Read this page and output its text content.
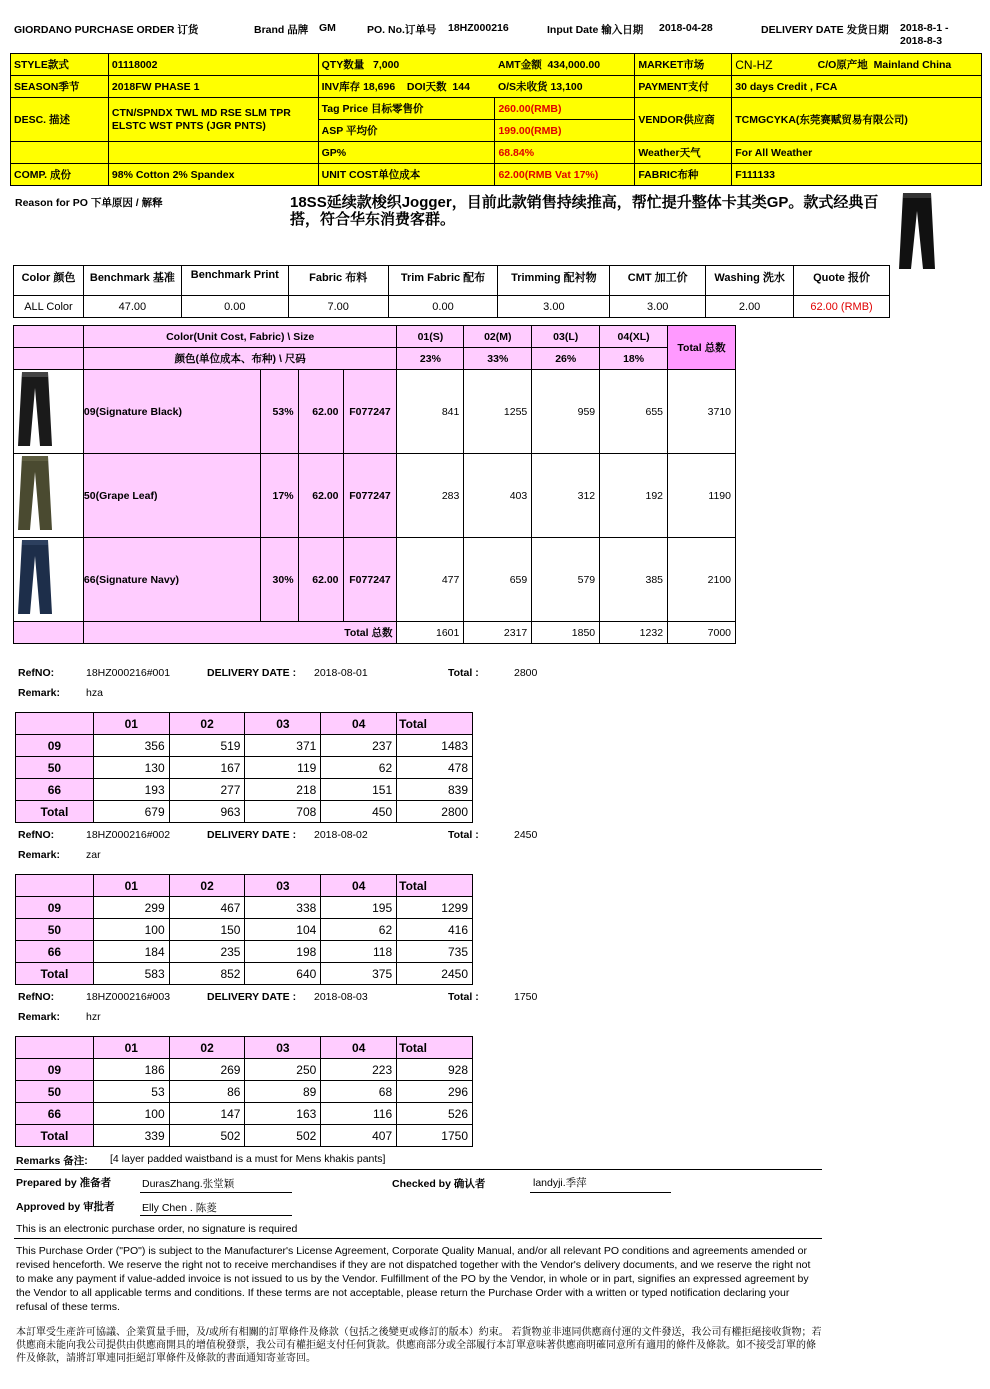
GIORDANO PURCHASE ORDER 订货	Brand 品牌 GM	PO. No.订单号 18HZ000216	Input Date 输入日期 2018-04-28	DELIVERY DATE 发货日期 2018-8-1 -
2018-8-3
STYLE款式	01118002	QTY数量 7,000	AMT金额 434,000.00	MARKET市场	CN-HZ	C/O原产地 Mainland China
SEASON季节	2018FW PHASE 1	INV库存 18,696 DOI天数 144	O/S未收货 13,100	PAYMENT支付	30 days Credit , FCA	
DESC. 描述	CTN/SPNDX TWL MD RSE SLM TPR ELSTC WST PNTS (JGR PNTS)	Tag Price 目标零售价	260.00(RMB)	VENDOR供应商	TCMGCYKA(东莞赛赋贸易有限公司)	
		ASP 平均价	199.00(RMB)			
		GP%	68.84%	Weather天气	For All Weather	
COMP. 成份	98% Cotton 2% Spandex	UNIT COST单位成本	62.00(RMB Vat 17%)	FABRIC布种	F111133	
Reason for PO 下单原因 / 解释	18SS延续款梭织Jogger，目前此款销售持续推高，帮忙提升整体卡其类GP。款式经典百搭，符合华东消费客群。
Color 颜色	Benchmark 基准	Benchmark Print	Fabric 布料	Trim Fabric 配布	Trimming 配衬物	CMT 加工价	Washing 洗水	Quote 报价
ALL Color	47.00	0.00	7.00	0.00	3.00	3.00	2.00	62.00 (RMB)
	Color(Unit Cost, Fabric) \ Size				01(S)	02(M)	03(L)	04(XL)	Total 总数
	颜色(单位成本、布种) \ 尺码				23%	33%	26%	18%	
	09(Signature Black)	53%	62.00	F077247	841	1255	959	655	3710
	50(Grape Leaf)	17%	62.00	F077247	283	403	312	192	1190
	66(Signature Navy)	30%	62.00	F077247	477	659	579	385	2100
	Total 总数				1601	2317	1850	1232	7000
RefNO:	18HZ000216#001	DELIVERY DATE : 2018-08-01	Total :	2800
Remark: hza
	01	02	03	04	Total
09	356	519	371	237	1483
50	130	167	119	62	478
66	193	277	218	151	839
Total	679	963	708	450	2800
RefNO:	18HZ000216#002	DELIVERY DATE : 2018-08-02	Total :	2450
Remark: zar
	01	02	03	04	Total
09	299	467	338	195	1299
50	100	150	104	62	416
66	184	235	198	118	735
Total	583	852	640	375	2450
RefNO:	18HZ000216#003	DELIVERY DATE : 2018-08-03	Total :	1750
Remark: hzr
	01	02	03	04	Total
09	186	269	250	223	928
50	53	86	89	68	296
66	100	147	163	116	526
Total	339	502	502	407	1750
Remarks 备注: [4 layer padded waistband is a must for Mens khakis pants]
Prepared by 准备者	DurasZhang.张堂颖	Checked by 确认者	landyji.季萍
Approved by 审批者	Elly Chen . 陈菱
This is an electronic purchase order, no signature is required
This Purchase Order ("PO") is subject to the Manufacturer's License Agreement, Corporate Quality Manual, and/or all relevant PO conditions and agreements amended or revised henceforth. We reserve the right not to receive merchandises if they are not dispatched together with the Vendor's delivery documents, and we reserve the right not to make any payment if value-added invoice is not issued to us by the Vendor. Fulfillment of the PO by the Vendor, in whole or in part, signifies an expressed agreement by the Vendor to all applicable terms and conditions. If these terms are not acceptable, please return the Purchase Order with a written or typed notification declaring your refusal of these terms.
本訂單受生產許可協議、企業質量手冊，及/或所有相關的訂單條件及條款（包括之後變更或修訂的版本）約束。 若貨物並非連同供應商付運的文件發送，我公司有權拒絕接收貨物；若供應商未能向我公司提供由供應商開具的增值稅發票，我公司有權拒絕支付任何貨款。供應商部分或全部履行本訂單意味著供應商明確同意所有適用的條件及條款。如不接受訂單的條件及條款，請將訂單連同拒絕訂單條件及條款的書面通知寄並寄回。
